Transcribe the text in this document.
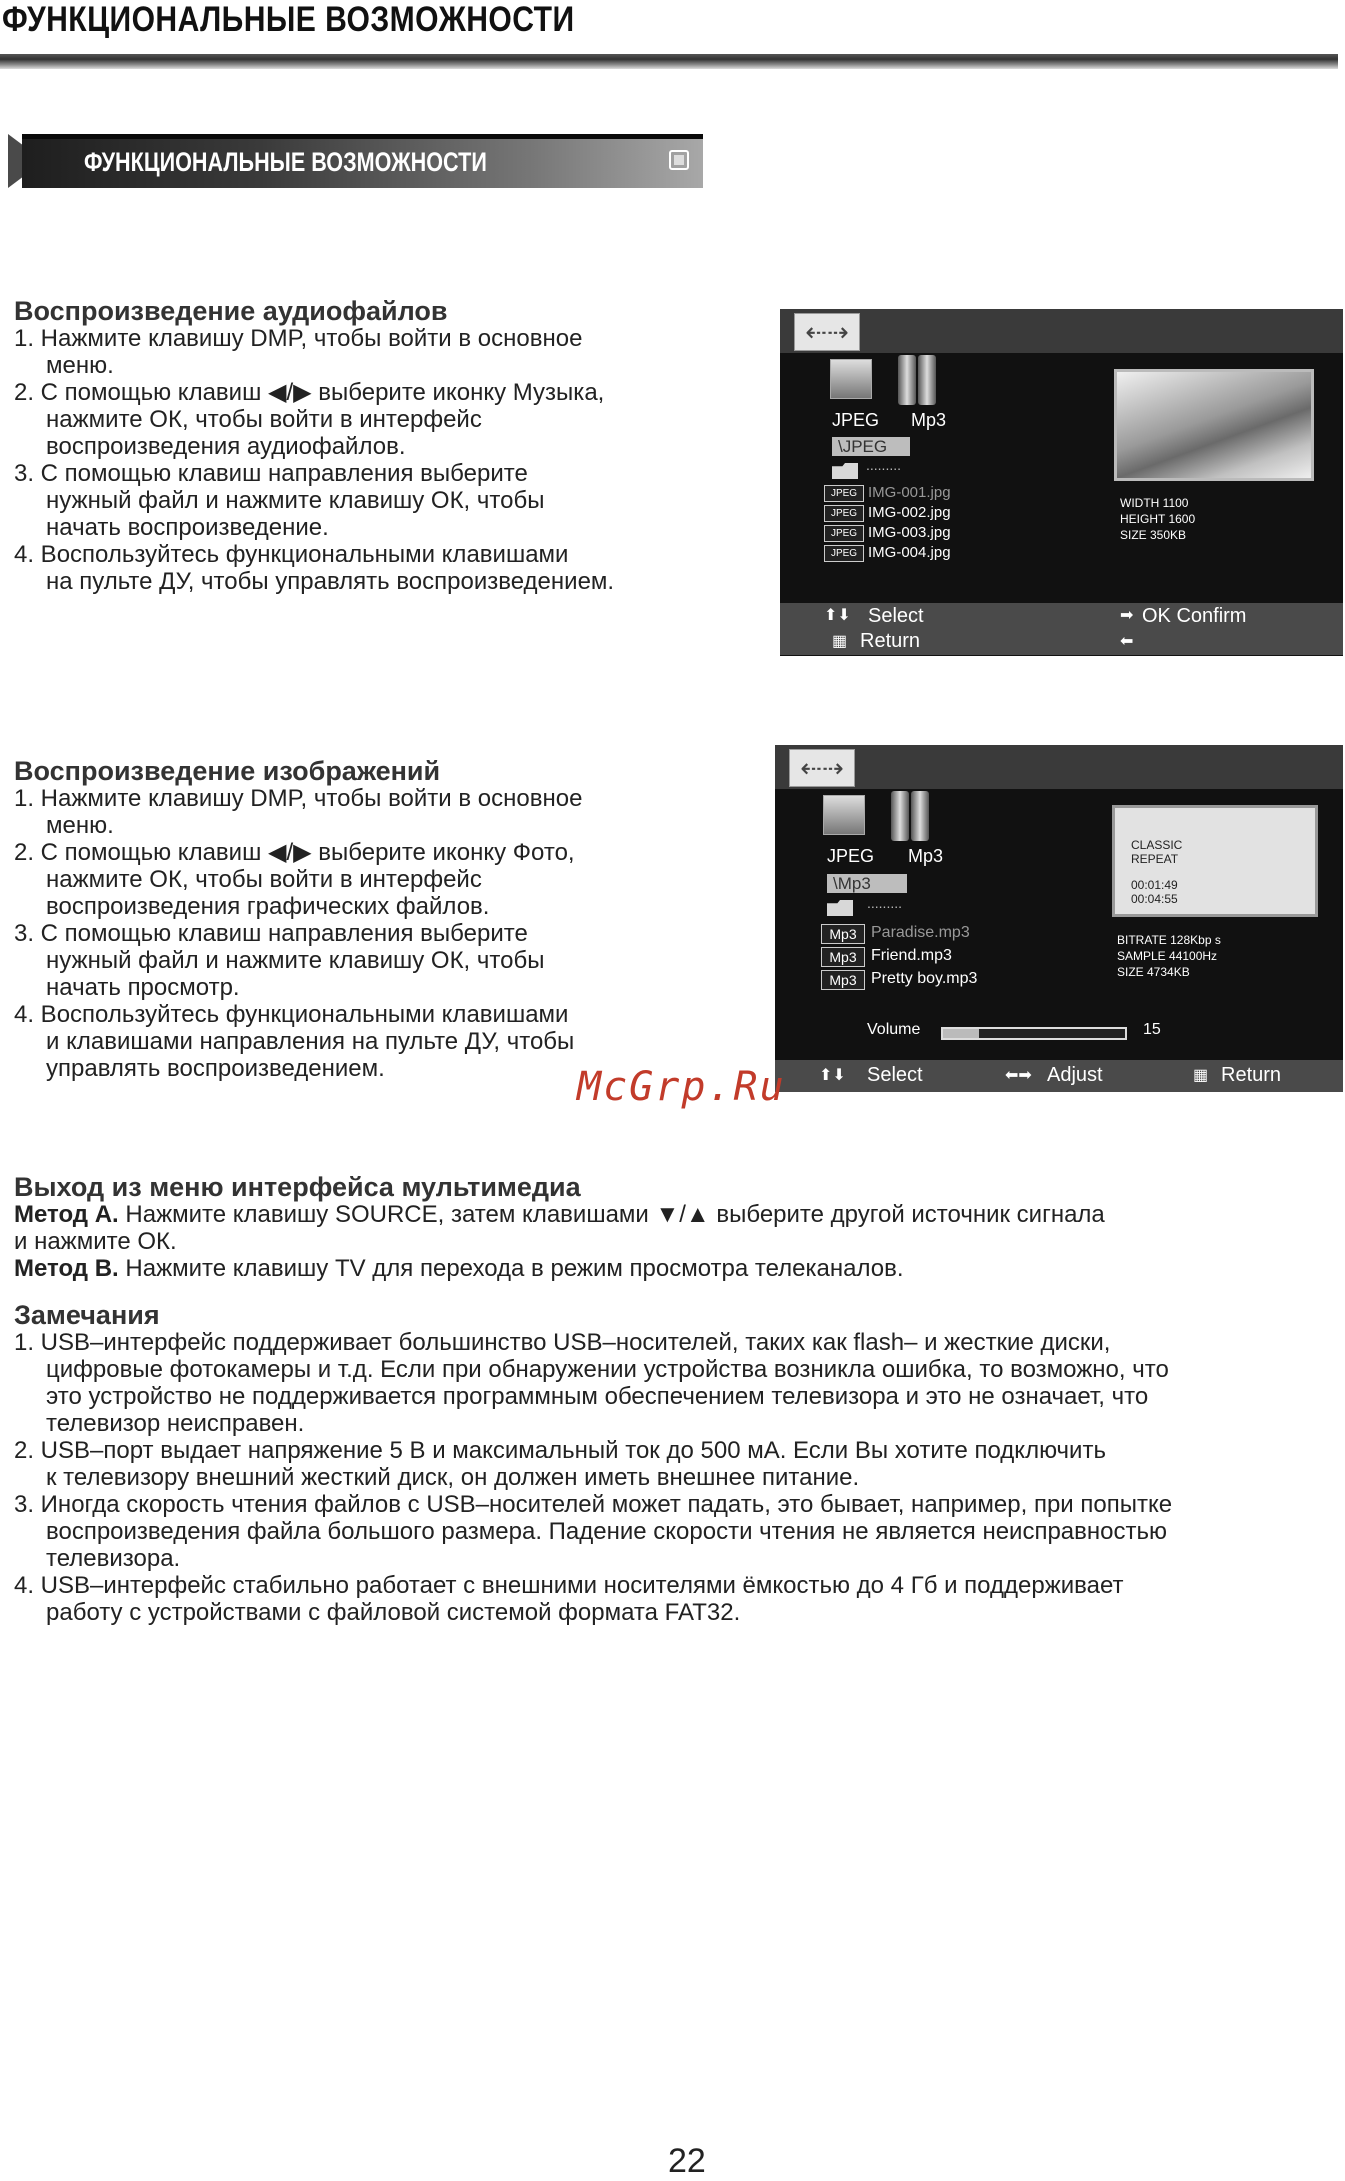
ФУНКЦИОНАЛЬНЫЕ ВОЗМОЖНОСТИ
ФУНКЦИОНАЛЬНЫЕ ВОЗМОЖНОСТИ
Воспроизведение аудиофайлов
1. Нажмите клавишу DMP, чтобы войти в основное
меню.
2. С помощью клавиш ◀/▶ выберите иконку Музыка,
нажмите ОК, чтобы войти в интерфейс
воспроизведения аудиофайлов.
3. С помощью клавиш направления выберите
нужный файл и нажмите клавишу ОК, чтобы
начать воспроизведение.
4. Воспользуйтесь функциональными клавишами
на пульте ДУ, чтобы управлять воспроизведением.
⇠⇢
JPEG Mp3
\JPEG
.........
JPEG IMG-001.jpg
JPEG IMG-002.jpg
JPEG IMG-003.jpg
JPEG IMG-004.jpg
WIDTH 1100
HEIGHT 1600
SIZE 350KB
⬆⬇ Select	➡ OK Confirm
▦ Return	⬅
Воспроизведение изображений
1. Нажмите клавишу DMP, чтобы войти в основное
меню.
2. С помощью клавиш ◀/▶ выберите иконку Фото,
нажмите ОК, чтобы войти в интерфейс
воспроизведения графических файлов.
3. С помощью клавиш направления выберите
нужный файл и нажмите клавишу ОК, чтобы
начать просмотр.
4. Воспользуйтесь функциональными клавишами
и клавишами направления на пульте ДУ, чтобы
управлять воспроизведением.
⇠⇢
JPEG Mp3
\Mp3
.........
Mp3 Paradise.mp3
Mp3 Friend.mp3
Mp3 Pretty boy.mp3
CLASSIC
REPEAT
00:01:49
00:04:55
BITRATE 128Kbp s
SAMPLE 44100Hz
SIZE 4734KB
Volume	15
⬆⬇ Select	⬅➡ Adjust	▦ Return
McGrp.Ru
Выход из меню интерфейса мультимедиа
Метод А. Нажмите клавишу SOURCE, затем клавишами ▼/▲ выберите другой источник сигнала
и нажмите ОК.
Метод В. Нажмите клавишу TV для перехода в режим просмотра телеканалов.
Замечания
1. USB–интерфейс поддерживает большинство USB–носителей, таких как flash– и жесткие диски,
цифровые фотокамеры и т.д. Если при обнаружении устройства возникла ошибка, то возможно, что
это устройство не поддерживается программным обеспечением телевизора и это не означает, что
телевизор неисправен.
2. USB–порт выдает напряжение 5 В и максимальный ток до 500 мА. Если Вы хотите подключить
к телевизору внешний жесткий диск, он должен иметь внешнее питание.
3. Иногда скорость чтения файлов с USB–носителей может падать, это бывает, например, при попытке
воспроизведения файла большого размера. Падение скорости чтения не является неисправностью
телевизора.
4. USB–интерфейс стабильно работает с внешними носителями ёмкостью до 4 Гб и поддерживает
работу с устройствами с файловой системой формата FAT32.
22
